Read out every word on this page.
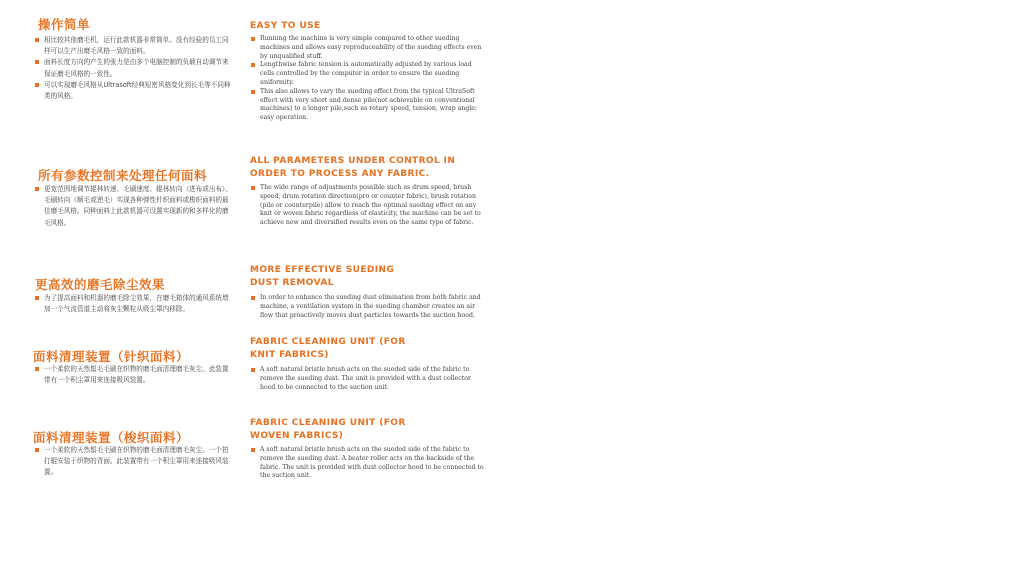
操作简单
相比较其他磨毛机，运行此款机器非常简单。没有经验的员工同样可以生产出磨毛风格一致的面料。
面料长度方向的产生的张力是由多个电脑控制的负载自动调节来保证磨毛风格的一致性。
可以实现磨毛风格从Ultrasoft经典短密风格变化到长毛等不同种类的风格。
EASY TO USE
Running the machine is very simple compared to other sueding machines and allows easy reproduceability of the sueding effects even by unqualified stuff.
Lengthwise fabric tension is automatically adjusted by various load cells controlled by the computer in order to ensure the sueding uniformity.
This also allows to vary the sueding effect from the typical UltraSoft effect with very short and dense pile(not achievable on conventional machines) to a longer pile,such as rotary speed, tension, wrap angle; easy operation.
所有参数控制来处理任何面料
更宽范围地调节辊林转速、毛刷速度、辊林转向（进布或出布）、毛刷转向（顺毛或逆毛）实现各种弹性针织面料或梭织面料的最佳磨毛风格。同种面料上此款机器可设置实现新的和多样化的磨毛风格。
ALL PARAMETERS UNDER CONTROL IN ORDER TO PROCESS ANY FABRIC.
The wide range of adjustments possible such as drum speed, brush speed, drum rotation direction(pro or counter fabric), brush rotation (pile or counterpile) allow to reach the optimal sueding effect on any knit or woven fabric regardless of elasticity, the machine can be set to achieve new and diversified results even on the same type of fabric.
更高效的磨毛除尘效果
为了提高面料和机器的磨毛除尘效果，在磨毛箱体的通风系统增加一个气流管道主动将灰尘颗粒从吸尘罩内移除。
MORE EFFECTIVE SUEDING DUST REMOVAL
In order to enhance the sueding dust elimination from both fabric and machine, a ventilation system in the sueding chamber creates an air flow that proactively moves dust particles towards the suction hood.
面料清理装置（针织面料）
一个柔软的天然鬃毛毛刷在织物的磨毛面清理磨毛灰尘。此装置带有一个积尘罩用来连接吸风装置。
FABRIC CLEANING UNIT (FOR KNIT FABRICS)
A soft natural bristle brush acts on the sueded side of the fabric to remove the sueding dust. The unit is provided with a dust collector hood to be connected to the suction unit.
面料清理装置（梭织面料）
一个柔软的天然鬃毛毛刷在织物的磨毛面清理磨毛灰尘。一个拍打辊安装于织物的背面。此装置带有一个积尘罩用来连接吸风装置。
FABRIC CLEANING UNIT (FOR WOVEN FABRICS)
A soft natural bristle brush acts on the sueded side of the fabric to remove the sueding dust. A beater roller acts on the backside of the fabric. The unit is provided with dust collector hood to be connected to the suction unit.
